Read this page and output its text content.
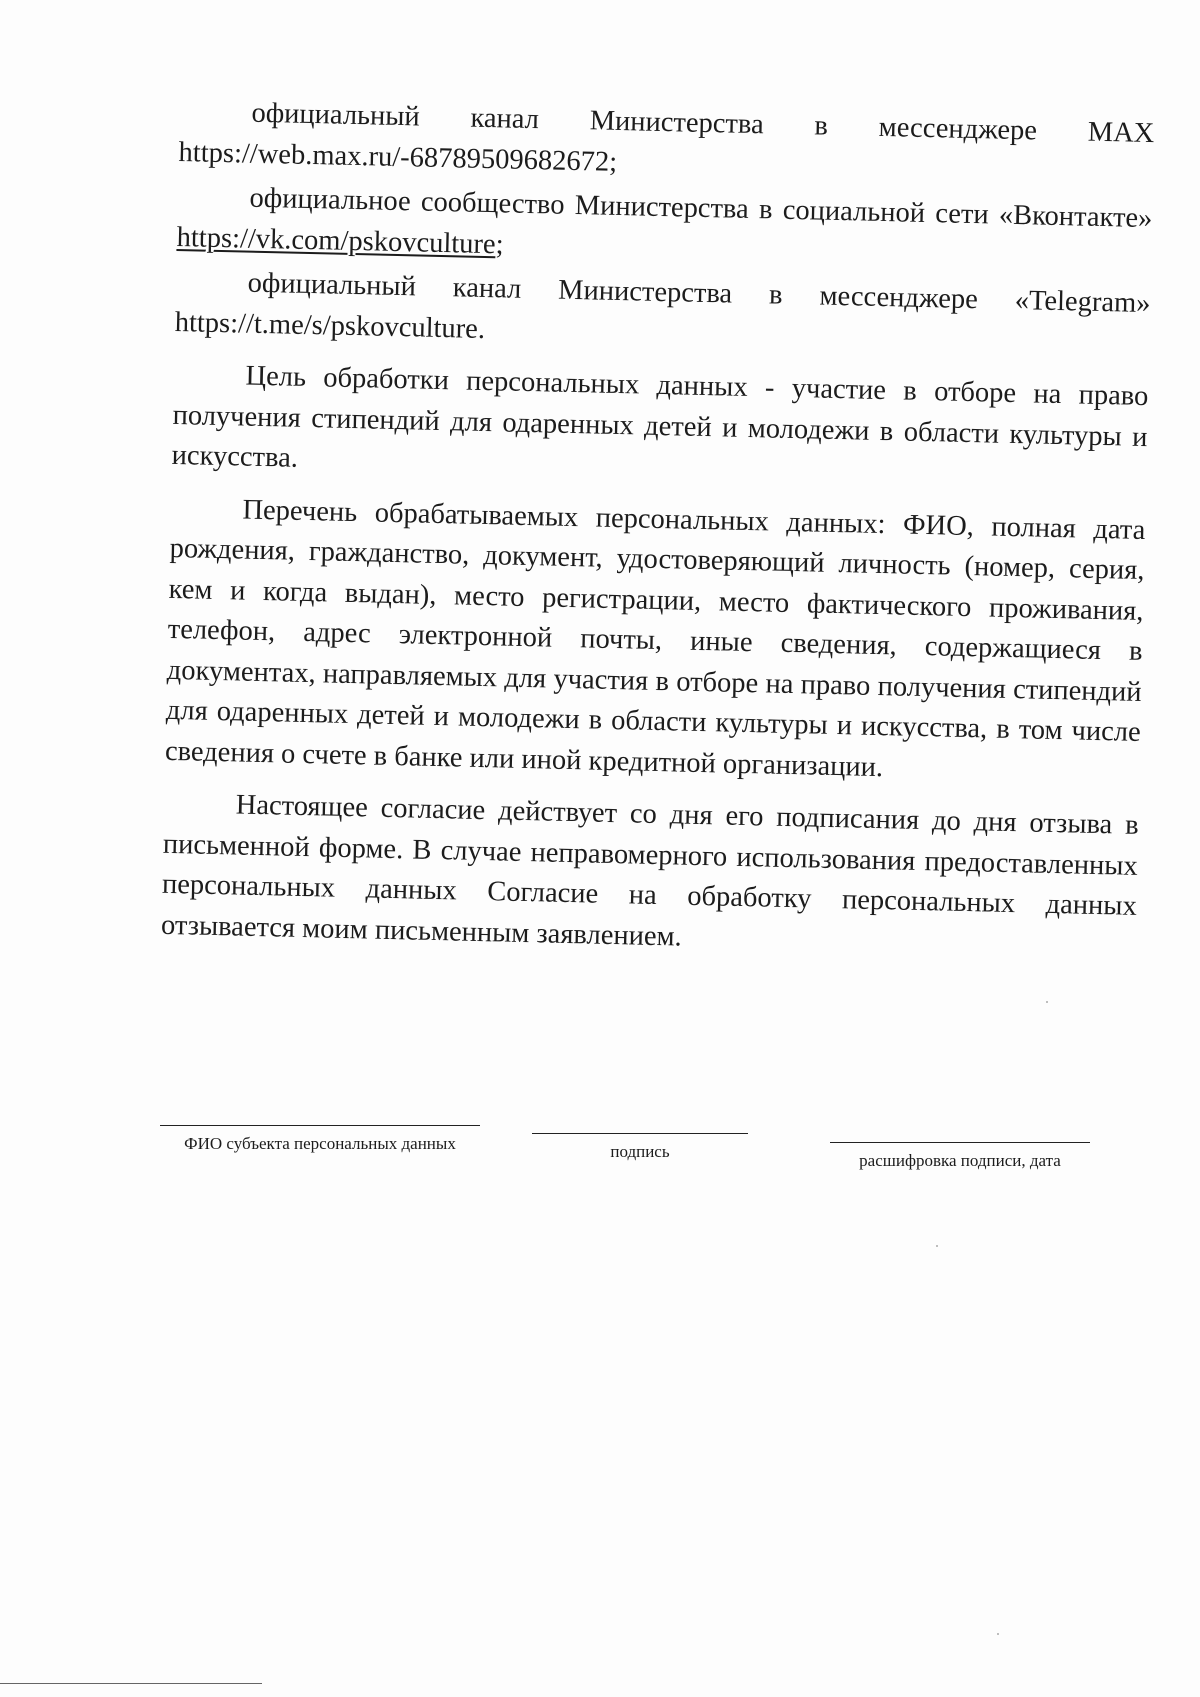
официальный канал Министерства в мессенджере MAX https://web.max.ru/-68789509682672;

официальное сообщество Министерства в социальной сети «Вконтакте» https://vk.com/pskovculture;

официальный канал Министерства в мессенджере «Telegram» https://t.me/s/pskovculture.

Цель обработки персональных данных - участие в отборе на право получения стипендий для одаренных детей и молодежи в области культуры и искусства.

Перечень обрабатываемых персональных данных: ФИО, полная дата рождения, гражданство, документ, удостоверяющий личность (номер, серия, кем и когда выдан), место регистрации, место фактического проживания, телефон, адрес электронной почты, иные сведения, содержащиеся в документах, направляемых для участия в отборе на право получения стипендий для одаренных детей и молодежи в области культуры и искусства, в том числе сведения о счете в банке или иной кредитной организации.

Настоящее согласие действует со дня его подписания до дня отзыва в письменной форме. В случае неправомерного использования предоставленных персональных данных Согласие на обработку персональных данных отзывается моим письменным заявлением.

ФИО субъекта персональных данных	подпись	расшифровка подписи, дата
